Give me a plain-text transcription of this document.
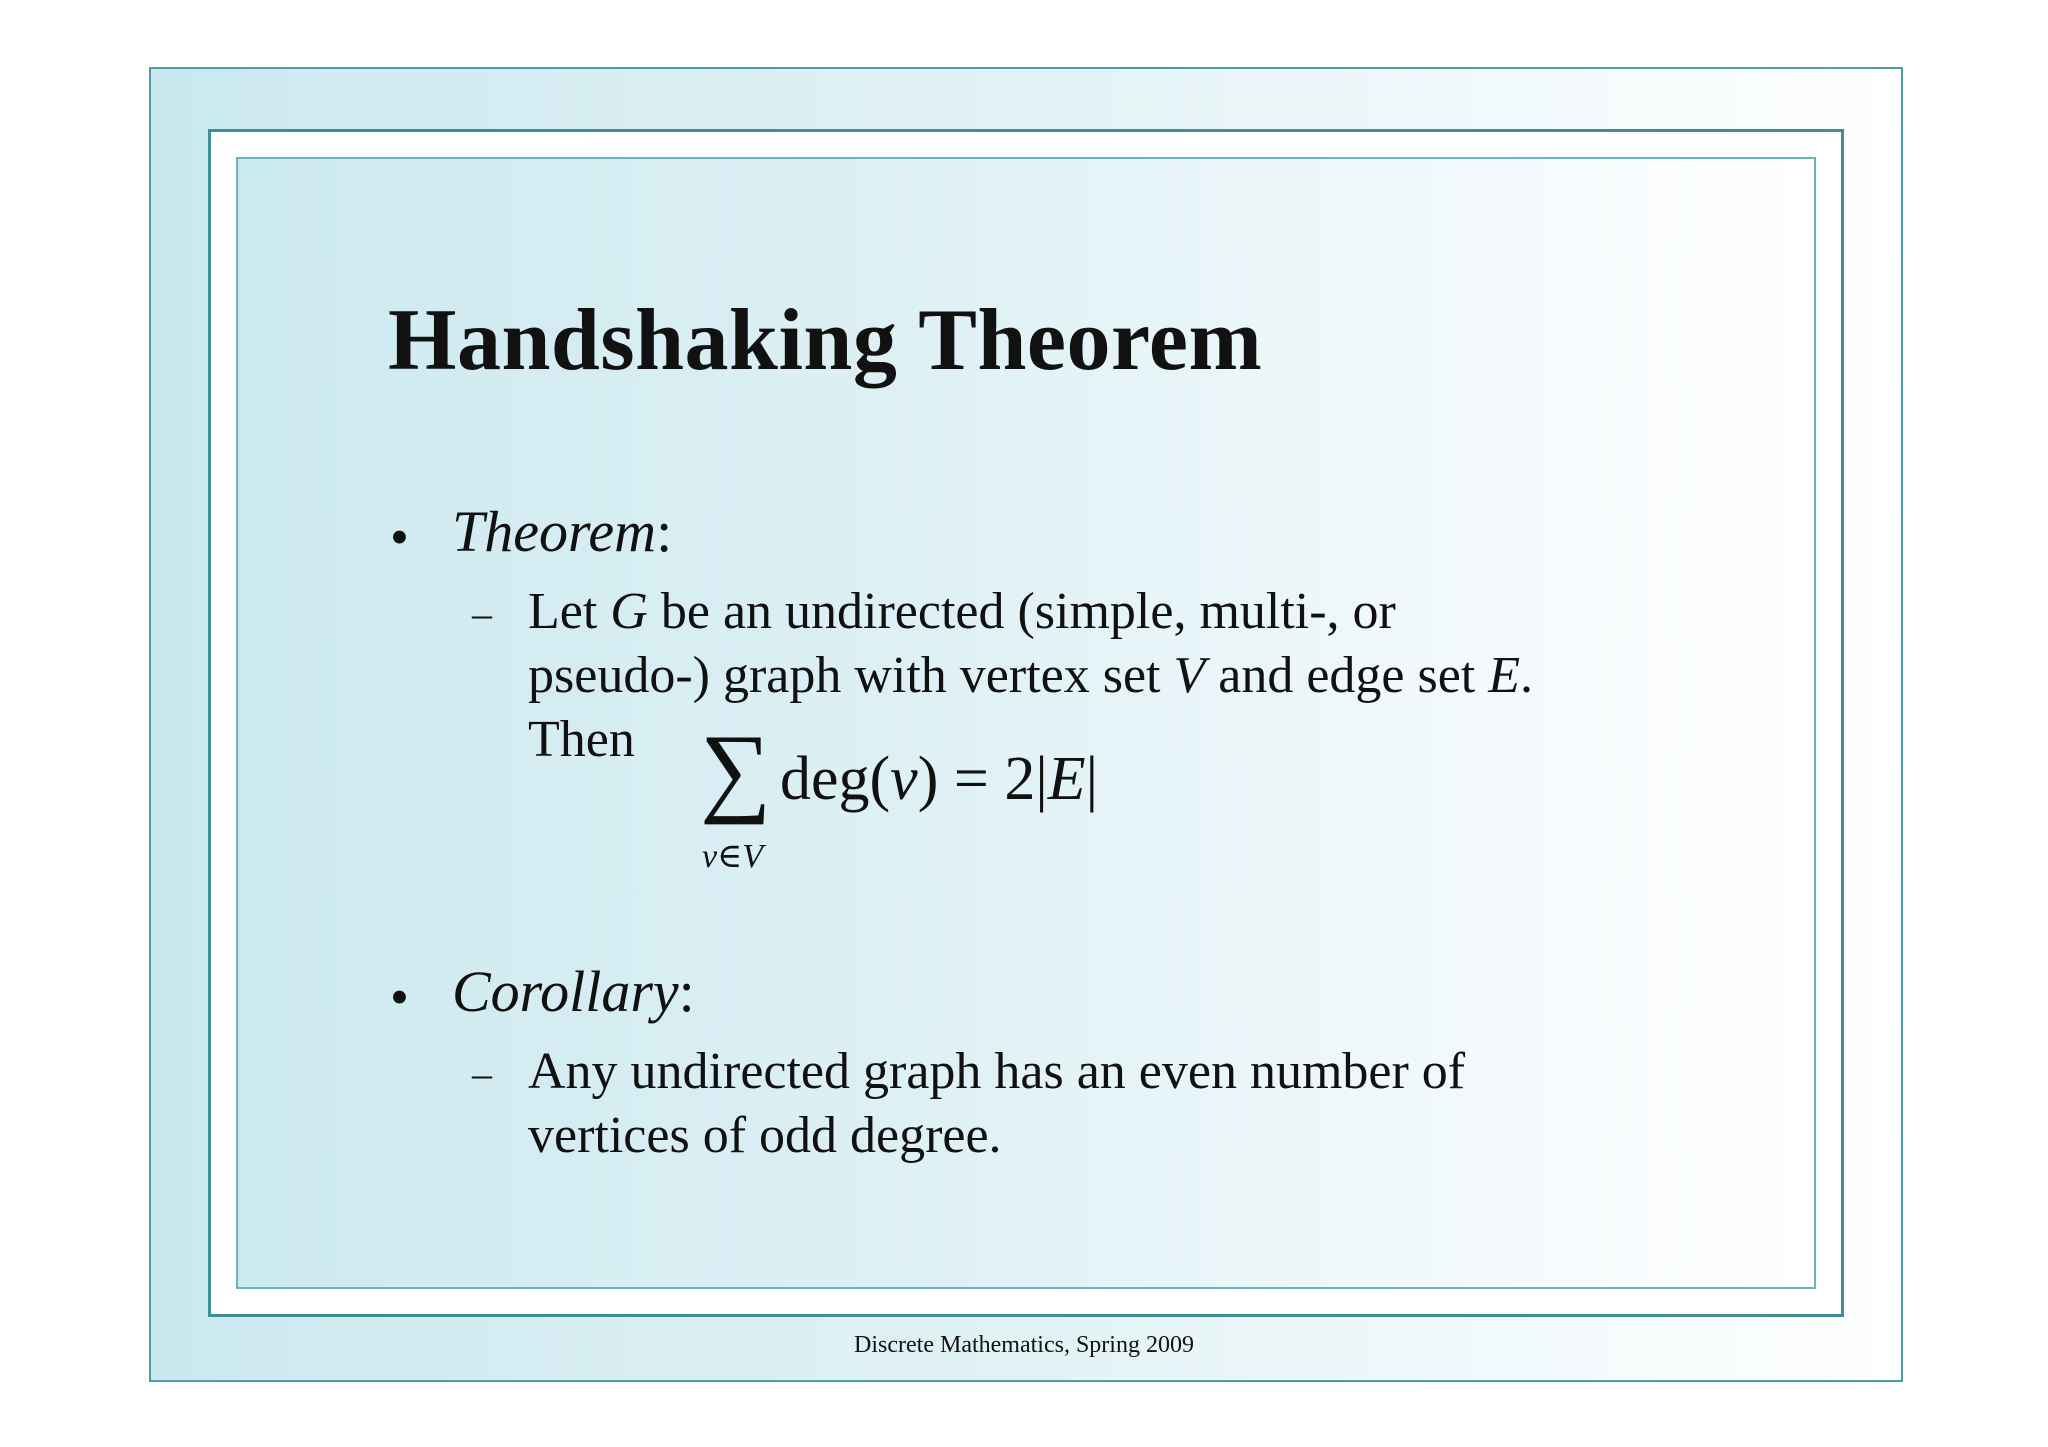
Handshaking Theorem
• Theorem:
– Let G be an undirected (simple, multi-, or
pseudo-) graph with vertex set V and edge set E.
Then ∑
v∈V
deg(v) = 2|E|
• Corollary:
– Any undirected graph has an even number of
vertices of odd degree.
Discrete Mathematics, Spring 2009
